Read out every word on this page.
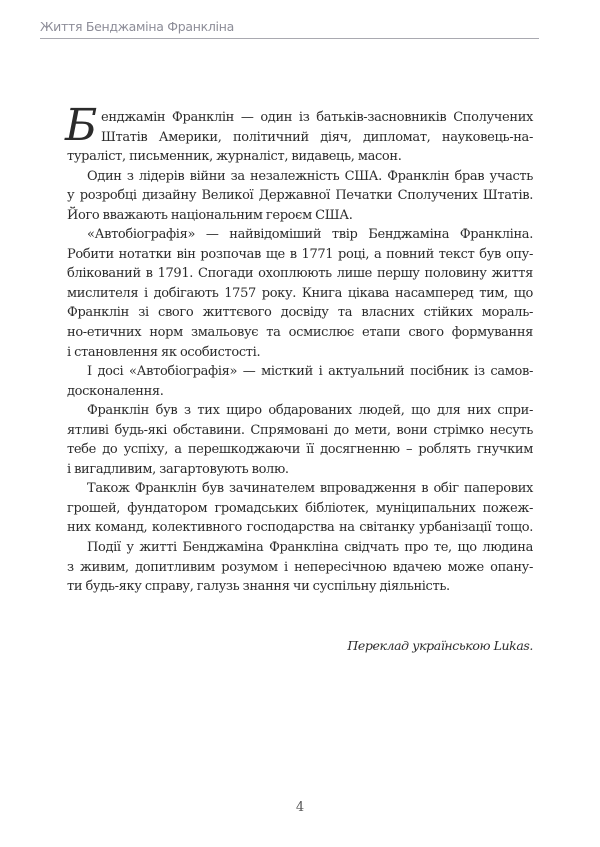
Життя Бенджаміна Франкліна
Б енджамін Франклін — один із батьків-засновників Сполучених
Штатів Америки, політичний діяч, дипломат, науковець-на-
тураліст, письменник, журналіст, видавець, масон.
Один з лідерів війни за незалежність США. Франклін брав участь
у розробці дизайну Великої Державної Печатки Сполучених Штатів.
Його вважають національним героєм США.
«Автобіографія» — найвідоміший твір Бенджаміна Франкліна.
Робити нотатки він розпочав ще в 1771 році, а повний текст був опу-
блікований в 1791. Спогади охоплюють лише першу половину життя
мислителя і добігають 1757 року. Книга цікава насамперед тим, що
Франклін зі свого життєвого досвіду та власних стійких мораль-
но-етичних норм змальовує та осмислює етапи свого формування
і становлення як особистості.
І досі «Автобіографія» — місткий і актуальний посібник із самов-
досконалення.
Франклін був з тих щиро обдарованих людей, що для них спри-
ятливі будь-які обставини. Спрямовані до мети, вони стрімко несуть
тебе до успіху, а перешкоджаючи її досягненню – роблять гнучким
і вигадливим, загартовують волю.
Також Франклін був зачинателем впровадження в обіг паперових
грошей, фундатором громадських бібліотек, муніципальних пожеж-
них команд, колективного господарства на світанку урбанізації тощо.
Події у житті Бенджаміна Франкліна свідчать про те, що людина
з живим, допитливим розумом і непересічною вдачею може опану-
ти будь-яку справу, галузь знання чи суспільну діяльність.
Переклад українською Lukas.
4
